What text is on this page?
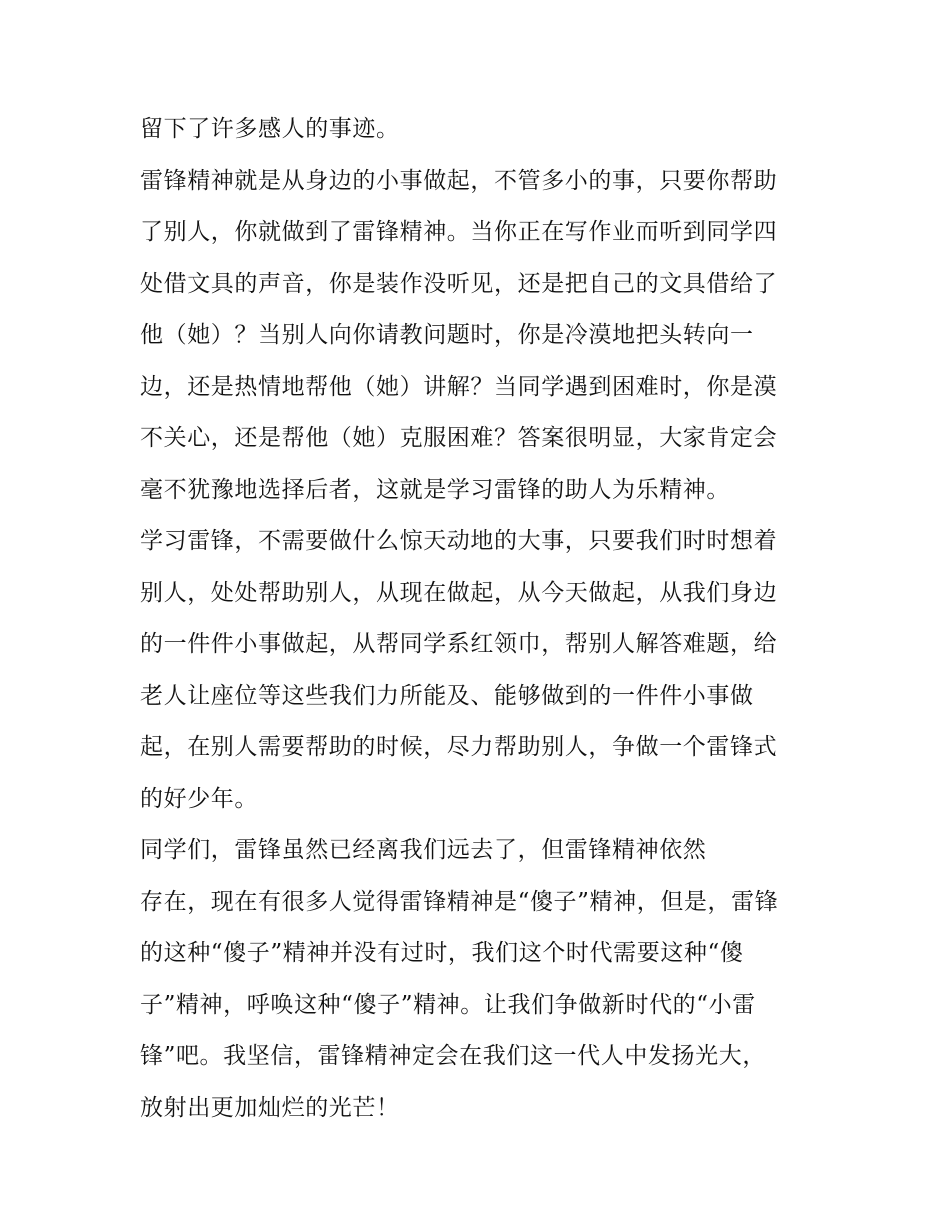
留下了许多感人的事迹。
雷锋精神就是从身边的小事做起，不管多小的事，只要你帮助
了别人，你就做到了雷锋精神。当你正在写作业而听到同学四
处借文具的声音，你是装作没听见，还是把自己的文具借给了
他（她）？当别人向你请教问题时，你是冷漠地把头转向一
边，还是热情地帮他（她）讲解？当同学遇到困难时，你是漠
不关心，还是帮他（她）克服困难？答案很明显，大家肯定会
毫不犹豫地选择后者，这就是学习雷锋的助人为乐精神。
学习雷锋，不需要做什么惊天动地的大事，只要我们时时想着
别人，处处帮助别人，从现在做起，从今天做起，从我们身边
的一件件小事做起，从帮同学系红领巾，帮别人解答难题，给
老人让座位等这些我们力所能及、能够做到的一件件小事做
起，在别人需要帮助的时候，尽力帮助别人，争做一个雷锋式
的好少年。
同学们，雷锋虽然已经离我们远去了，但雷锋精神依然
存在，现在有很多人觉得雷锋精神是“傻子”精神，但是，雷锋
的这种“傻子”精神并没有过时，我们这个时代需要这种“傻
子”精神，呼唤这种“傻子”精神。让我们争做新时代的“小雷
锋”吧。我坚信，雷锋精神定会在我们这一代人中发扬光大，
放射出更加灿烂的光芒！
